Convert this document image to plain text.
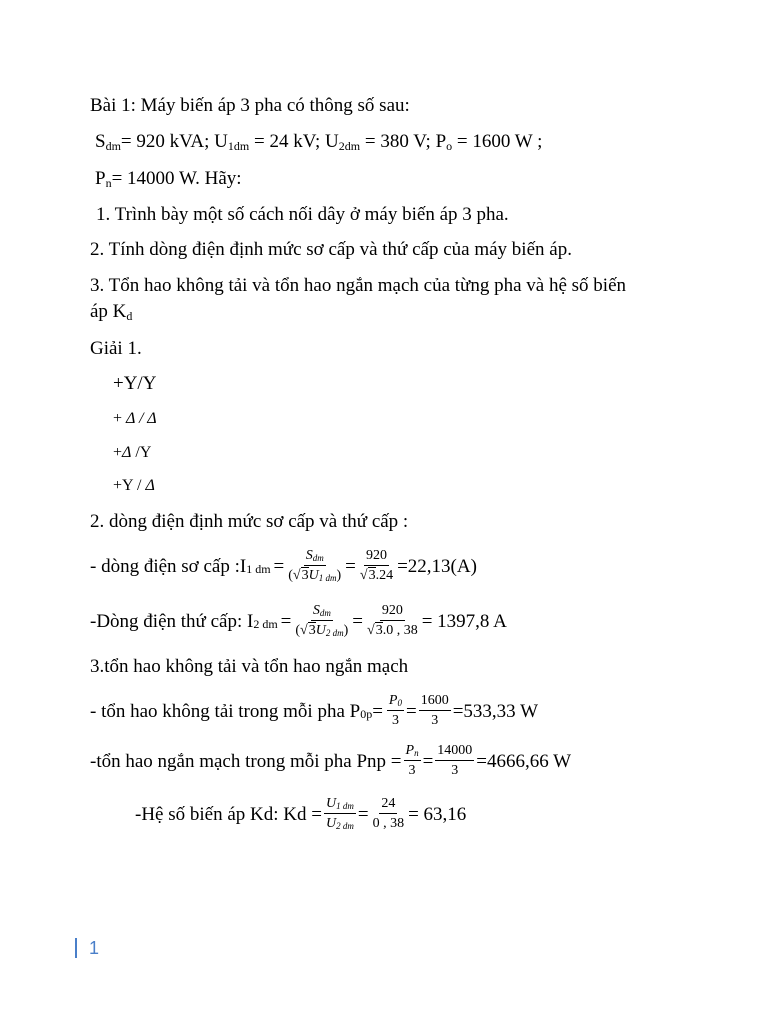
Bài 1: Máy biến áp 3 pha có thông số sau:
$S_{dm}= 920$ kVA; $U_{1dm} = 24$ kV; $U_{2dm} = 380$ V; $P_o = 1600$ W ;
$P_n= 14000$ W. Hãy:
1. Trình bày một số cách nối dây ở máy biến áp 3 pha.
2. Tính dòng điện định mức sơ cấp và thứ cấp của máy biến áp.
3. Tổn hao không tải và tổn hao ngắn mạch của từng pha và hệ số biến
áp $K_d$
Giải 1.
+Y/Y
+ Δ / Δ
+Δ /Y
+Y / Δ
2. dòng điện định mức sơ cấp và thứ cấp :
- dòng điện sơ cấp :I 1 dm = $\frac{\text{Sdm}}{(√3U1 dm)} = \frac{920}{√3.24} =22,13(A)$
-Dòng điện thứ cấp: I 2 dm = $\frac{\text{Sdm}}{(√3U2 dm)} = \frac{920}{√3.0 , 38} = 1397,8$ A
3.tổn hao không tải và tổn hao ngắn mạch
- tổn hao không tải trong mỗi pha P $0p = \frac{P0}{3} = \frac{1600}{3} =533,33$ W
-tổn hao ngắn mạch trong mỗi pha Pnp = $\frac{Pn}{3} = \frac{14000}{3} =4666,66$ W
-Hệ số biến áp Kd: $Kd = \frac{U1 dm}{U2 dm} = \frac{24}{0 , 38} = 63,16$
1
